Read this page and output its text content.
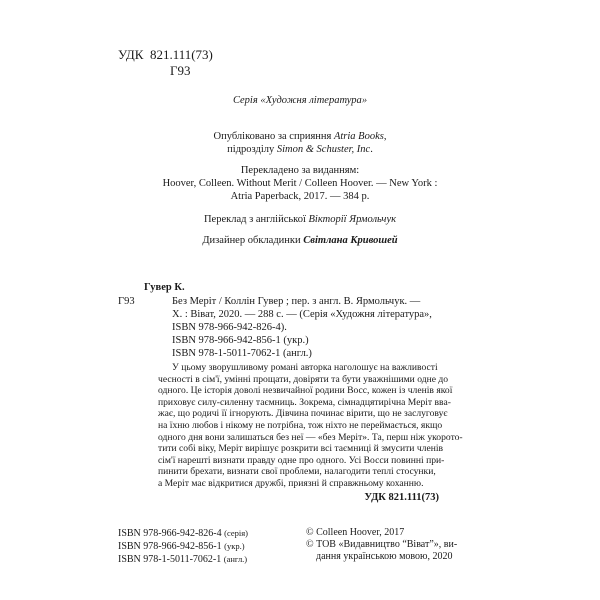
УДК 821.111(73)
Г93
Серія «Художня література»
Опубліковано за сприяння Atria Books,
підрозділу Simon & Schuster, Inc.
Перекладено за виданням:
Hoover, Colleen. Without Merit / Colleen Hoover. — New York :
Atria Paperback, 2017. — 384 p.
Переклад з англійської Вікторії Ярмольчук
Дизайнер обкладинки Світлана Кривошей
Гувер К.
Г93	Без Меріт / Коллін Гувер ; пер. з англ. В. Ярмольчук. —
Х. : Віват, 2020. — 288 с. — (Серія «Художня література»,
ISBN 978-966-942-826-4).
ISBN 978-966-942-856-1 (укр.)
ISBN 978-1-5011-7062-1 (англ.)
У цьому зворушливому романі авторка наголошує на важливості
чесності в сім'ї, умінні прощати, довіряти та бути уважнішими одне до
одного. Це історія доволі незвичайної родини Восс, кожен із членів якої
приховує силу-силенну таємниць. Зокрема, сімнадцятирічна Меріт вва-
жає, що родичі її ігнорують. Дівчина починає вірити, що не заслуговує
на їхню любов і нікому не потрібна, тож ніхто не переймається, якщо
одного дня вони залишаться без неї — «без Меріт». Та, перш ніж укорото-
тити собі віку, Меріт вирішує розкрити всі таємниці й змусити членів
сім'ї нарешті визнати правду одне про одного. Усі Восси повинні при-
пинити брехати, визнати свої проблеми, налагодити теплі стосунки,
а Меріт має відкритися дружбі, приязні й справжньому коханню.
УДК 821.111(73)
ISBN 978-966-942-826-4 (серія)
ISBN 978-966-942-856-1 (укр.)
ISBN 978-1-5011-7062-1 (англ.)
© Colleen Hoover, 2017
© ТОВ «Видавництво “Віват”», ви-
дання українською мовою, 2020
